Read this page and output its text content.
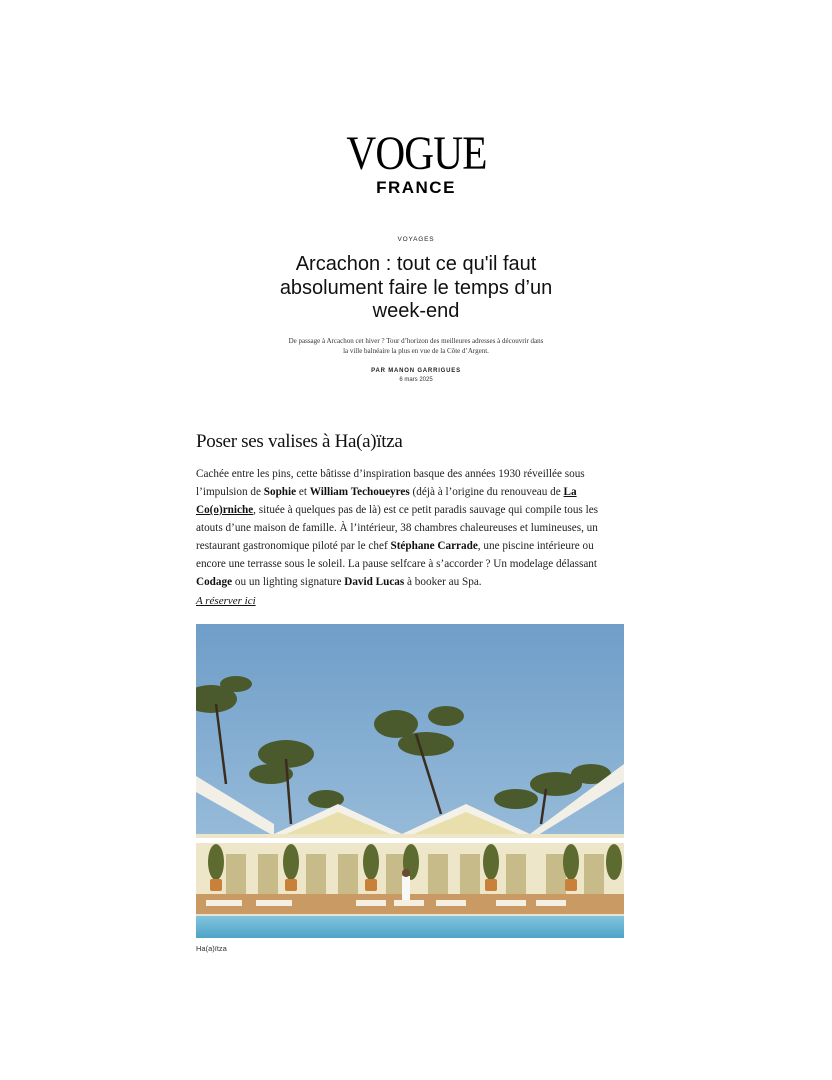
VOGUE
FRANCE
VOYAGES
Arcachon : tout ce qu'il faut absolument faire le temps d’un week-end
De passage à Arcachon cet hiver ? Tour d’horizon des meilleures adresses à découvrir dans la ville balnéaire la plus en vue de la Côte d’Argent.
PAR MANON GARRIGUES
6 mars 2025
Poser ses valises à Ha(a)ïtza

Cachée entre les pins, cette bâtisse d’inspiration basque des années 1930 réveillée sous l’impulsion de Sophie et William Techoueyres (déjà à l’origine du renouveau de La Co(o)rniche, située à quelques pas de là) est ce petit paradis sauvage qui compile tous les atouts d’une maison de famille. À l’intérieur, 38 chambres chaleureuses et lumineuses, un restaurant gastronomique piloté par le chef Stéphane Carrade, une piscine intérieure ou encore une terrasse sous le soleil. La pause selfcare à s’accorder ? Un modelage délassant Codage ou un lighting signature David Lucas à booker au Spa.

A réserver ici
Ha(a)ïtza
